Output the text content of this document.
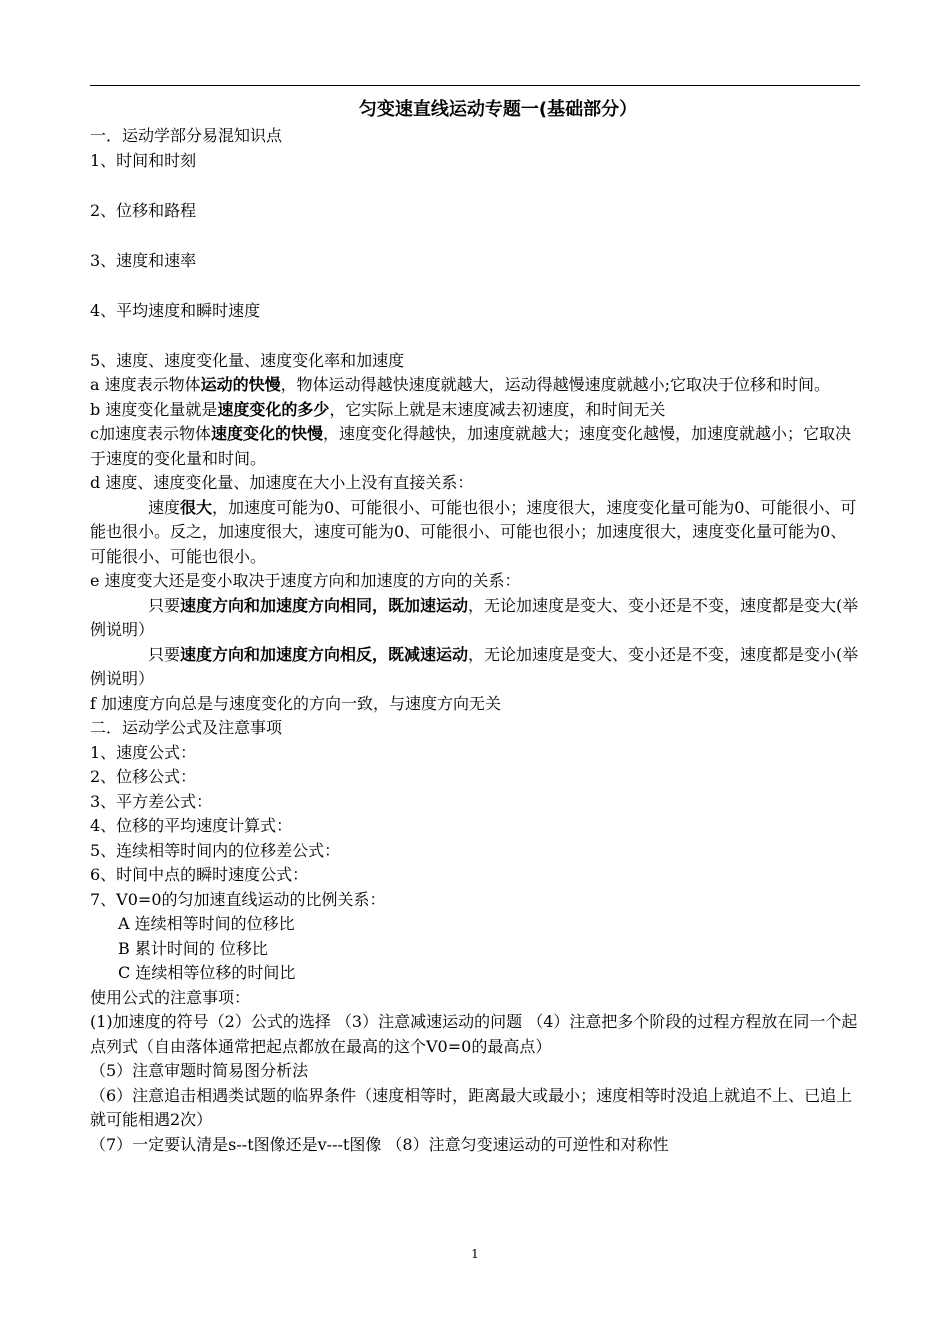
匀变速直线运动专题一(基础部分）

一．运动学部分易混知识点

1、时间和时刻

2、位移和路程

3、速度和速率

4、平均速度和瞬时速度

5、速度、速度变化量、速度变化率和加速度

a 速度表示物体运动的快慢，物体运动得越快速度就越大，运动得越慢速度就越小;它取决于位移和时间。

b 速度变化量就是速度变化的多少，它实际上就是末速度减去初速度，和时间无关

c加速度表示物体速度变化的快慢，速度变化得越快，加速度就越大；速度变化越慢，加速度就越小；它取决于速度的变化量和时间。

d 速度、速度变化量、加速度在大小上没有直接关系：

速度很大，加速度可能为0、可能很小、可能也很小；速度很大，速度变化量可能为0、可能很小、可能也很小。反之，加速度很大，速度可能为0、可能很小、可能也很小；加速度很大，速度变化量可能为0、可能很小、可能也很小。

e 速度变大还是变小取决于速度方向和加速度的方向的关系：

只要速度方向和加速度方向相同，既加速运动，无论加速度是变大、变小还是不变，速度都是变大(举例说明）

只要速度方向和加速度方向相反，既减速运动，无论加速度是变大、变小还是不变，速度都是变小(举例说明）

f 加速度方向总是与速度变化的方向一致，与速度方向无关

二．运动学公式及注意事项

1、速度公式：

2、位移公式：

3、平方差公式：

4、位移的平均速度计算式：

5、连续相等时间内的位移差公式：

6、时间中点的瞬时速度公式：

7、V0=0的匀加速直线运动的比例关系：

A 连续相等时间的位移比

B 累计时间的 位移比

C 连续相等位移的时间比

使用公式的注意事项：

(1)加速度的符号（2）公式的选择 （3）注意减速运动的问题 （4）注意把多个阶段的过程方程放在同一个起点列式（自由落体通常把起点都放在最高的这个V0=0的最高点）

（5）注意审题时简易图分析法

（6）注意追击相遇类试题的临界条件（速度相等时，距离最大或最小；速度相等时没追上就追不上、已追上就可能相遇2次）

（7）一定要认清是s--t图像还是v---t图像 （8）注意匀变速运动的可逆性和对称性

1
